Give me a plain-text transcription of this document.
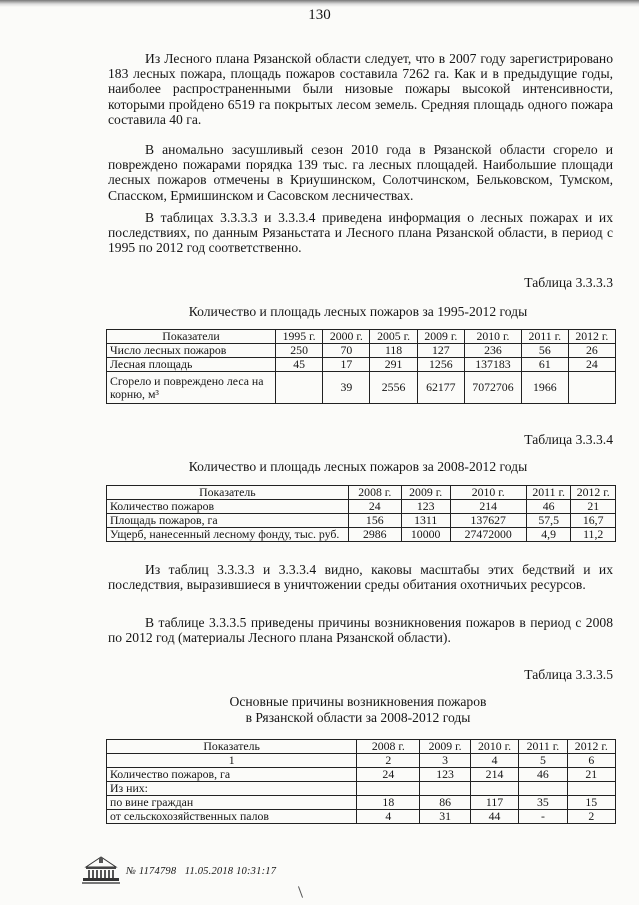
130

Из Лесного плана Рязанской области следует, что в 2007 году зарегистрировано 183 лесных пожара, площадь пожаров составила 7262 га. Как и в предыдущие годы, наиболее распространенными были низовые пожары высокой интенсивности, которыми пройдено 6519 га покрытых лесом земель. Средняя площадь одного пожара составила 40 га.

В аномально засушливый сезон 2010 года в Рязанской области сгорело и повреждено пожарами порядка 139 тыс. га лесных площадей. Наибольшие площади лесных пожаров отмечены в Криушинском, Солотчинском, Бельковском, Тумском, Спасском, Ермишинском и Сасовском лесничествах.

В таблицах 3.3.3.3 и 3.3.3.4 приведена информация о лесных пожарах и их последствиях, по данным Рязаньстата и Лесного плана Рязанской области, в период с 1995 по 2012 год соответственно.

Таблица 3.3.3.3
Количество и площадь лесных пожаров за 1995-2012 годы
Показатели	1995 г.	2000 г.	2005 г.	2009 г.	2010 г.	2011 г.	2012 г.
Число лесных пожаров	250	70	118	127	236	56	26
Лесная площадь	45	17	291	1256	137183	61	24
Сгорело и повреждено леса на корню, м³		39	2556	62177	7072706	1966	
Таблица 3.3.3.4
Количество и площадь лесных пожаров за 2008-2012 годы
Показатель	2008 г.	2009 г.	2010 г.	2011 г.	2012 г.
Количество пожаров	24	123	214	46	21
Площадь пожаров, га	156	1311	137627	57,5	16,7
Ущерб, нанесенный лесному фонду, тыс. руб.	2986	10000	27472000	4,9	11,2

Из таблиц 3.3.3.3 и 3.3.3.4 видно, каковы масштабы этих бедствий и их последствия, выразившиеся в уничтожении среды обитания охотничьих ресурсов.

В таблице 3.3.3.5 приведены причины возникновения пожаров в период с 2008 по 2012 год (материалы Лесного плана Рязанской области).

Таблица 3.3.3.5
Основные причины возникновения пожаров
в Рязанской области за 2008-2012 годы
Показатель	2008 г.	2009 г.	2010 г.	2011 г.	2012 г.
1	2	3	4	5	6
Количество пожаров, га	24	123	214	46	21
Из них:					
по вине граждан	18	86	117	35	15
от сельскохозяйственных палов	4	31	44	-	2
№ 1174798 11.05.2018 10:31:17
